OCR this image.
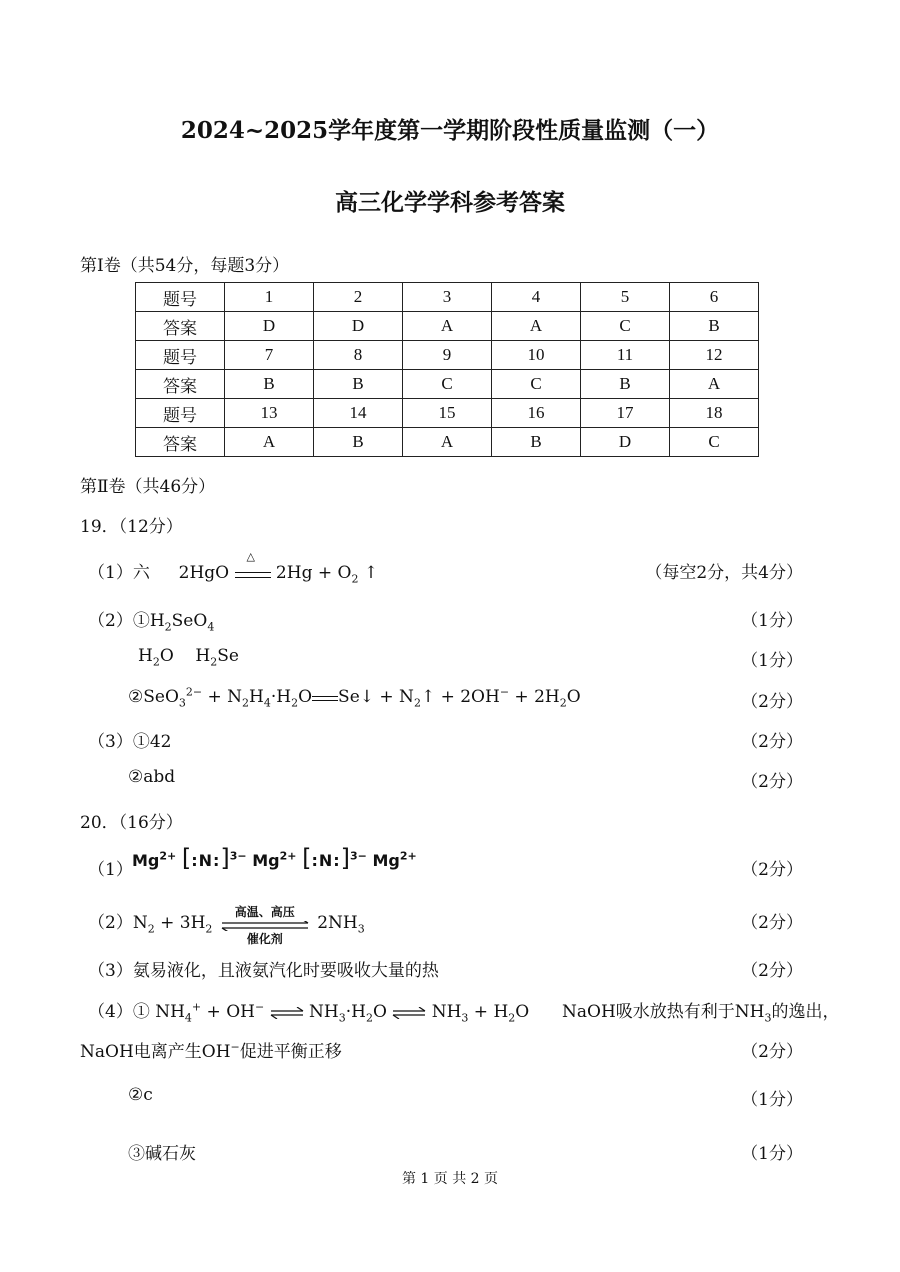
2024~2025学年度第一学期阶段性质量监测（一）
高三化学学科参考答案
第Ⅰ卷（共54分，每题3分）
题号	1	2	3	4	5	6
答案	D	D	A	A	C	B
题号	7	8	9	10	11	12
答案	B	B	C	C	B	A
题号	13	14	15	16	17	18
答案	A	B	A	B	D	C
第Ⅱ卷（共46分）
19．（12分）
（1）六 2HgO
△
$2Hg + O_2$ ↑	（每空2分，共4分）
$(2)①H_2SeO_4$	（1分）
$H_2O$    $H_2Se$	（1分）
②SeO$_3^{2-}$ + $N_2H_4\cdot H_2O$ Se↓ + $N_2↑ + 2OH^- + 2H_2O$	（2分）
（3）①42	（2分）
②abd	（2分）
20．（16分）
（1） $Mg^{2+}$ [:N:]$^{3-}$ $Mg^{2+}$ [:N:]$^{3-}$ $Mg^{2+}$
（2分）
$(2)N_2 + 3H_2$
高温、高压
催化剂
$2NH_3$	（2分）
（3）氨易液化，且液氨汽化时要吸收大量的热	（2分）
（4）① $NH_4^+ + OH^-$ ⇌ $NH_3\cdot H_2O$ ⇌ $NH_3 + H_2O$ NaOH吸水放热有利于$NH_3$的逸出，
NaOH电离产生OH−促进平衡正移	（2分）
②c	（1分）
③碱石灰	（1分）
第 1 页 共 2 页
